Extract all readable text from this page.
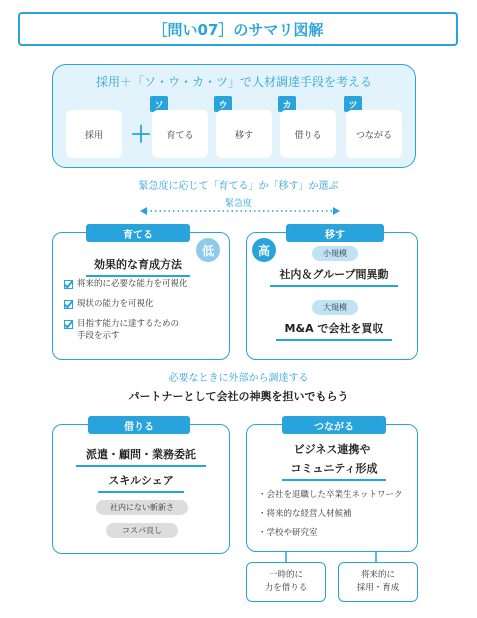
［問い07］のサマリ図解
採用＋「ソ・ウ・カ・ツ」で人材調達手段を考える
採用 ＋
ソ
育てる
ウ
移す
カ
借りる
ツ
つながる
緊急度に応じて「育てる」か「移す」か選ぶ
緊急度
育てる
低
効果的な育成方法
将来的に必要な能力を可視化
現状の能力を可視化
目指す能力に達するための
手段を示す
移す
高	小規模
社内＆グループ間異動
大規模
M&A で会社を買収
必要なときに外部から調達する
パートナーとして会社の神輿を担いでもらう
借りる
派遣・顧問・業務委託
スキルシェア
社内にない斬新さ
コスパ良し
つながる
ビジネス連携や
コミュニティ形成
・会社を退職した卒業生ネットワーク
・将来的な経営人材候補
・学校や研究室
一時的に
力を借りる
将来的に
採用・育成
